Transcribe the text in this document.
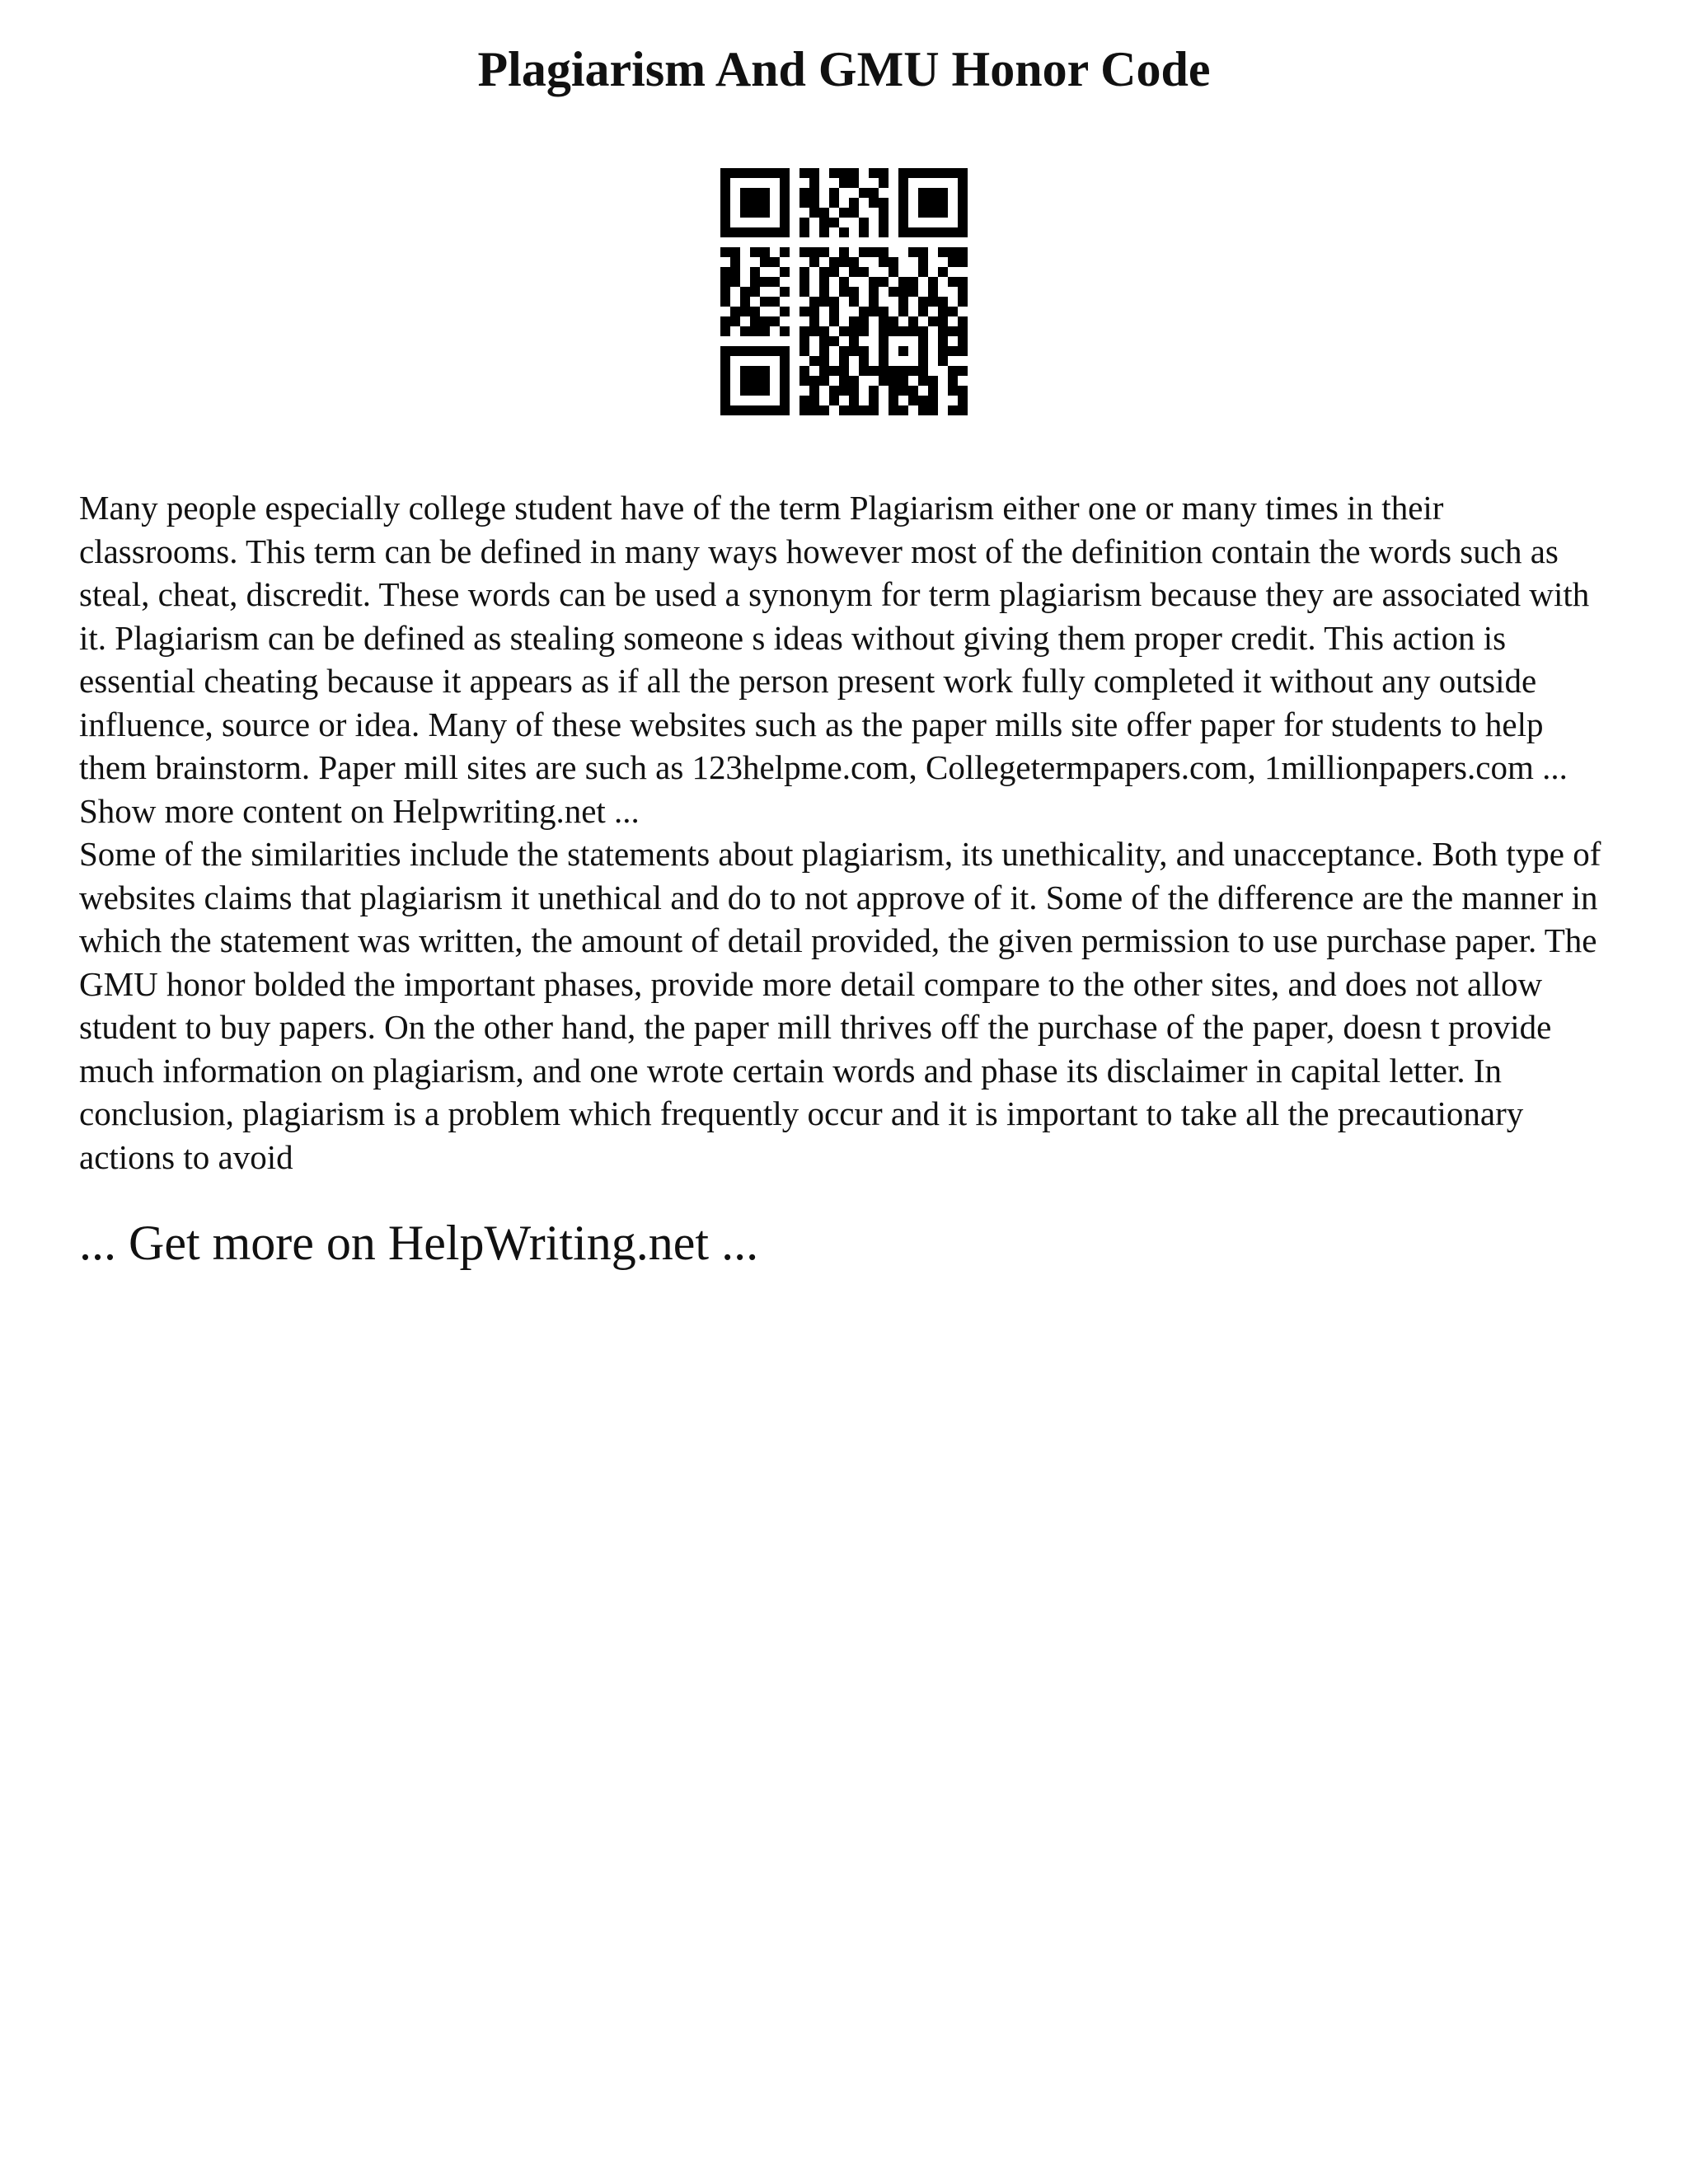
Plagiarism And GMU Honor Code

Many people especially college student have of the term Plagiarism either one or many times in their classrooms. This term can be defined in many ways however most of the definition contain the words such as steal, cheat, discredit. These words can be used a synonym for term plagiarism because they are associated with it. Plagiarism can be defined as stealing someone s ideas without giving them proper credit. This action is essential cheating because it appears as if all the person present work fully completed it without any outside influence, source or idea. Many of these websites such as the paper mills site offer paper for students to help them brainstorm. Paper mill sites are such as 123helpme.com, Collegetermpapers.com, 1millionpapers.com ... Show more content on Helpwriting.net ...

Some of the similarities include the statements about plagiarism, its unethicality, and unacceptance. Both type of websites claims that plagiarism it unethical and do to not approve of it. Some of the difference are the manner in which the statement was written, the amount of detail provided, the given permission to use purchase paper. The GMU honor bolded the important phases, provide more detail compare to the other sites, and does not allow student to buy papers. On the other hand, the paper mill thrives off the purchase of the paper, doesn t provide much information on plagiarism, and one wrote certain words and phase its disclaimer in capital letter. In conclusion, plagiarism is a problem which frequently occur and it is important to take all the precautionary actions to avoid

... Get more on HelpWriting.net ...
